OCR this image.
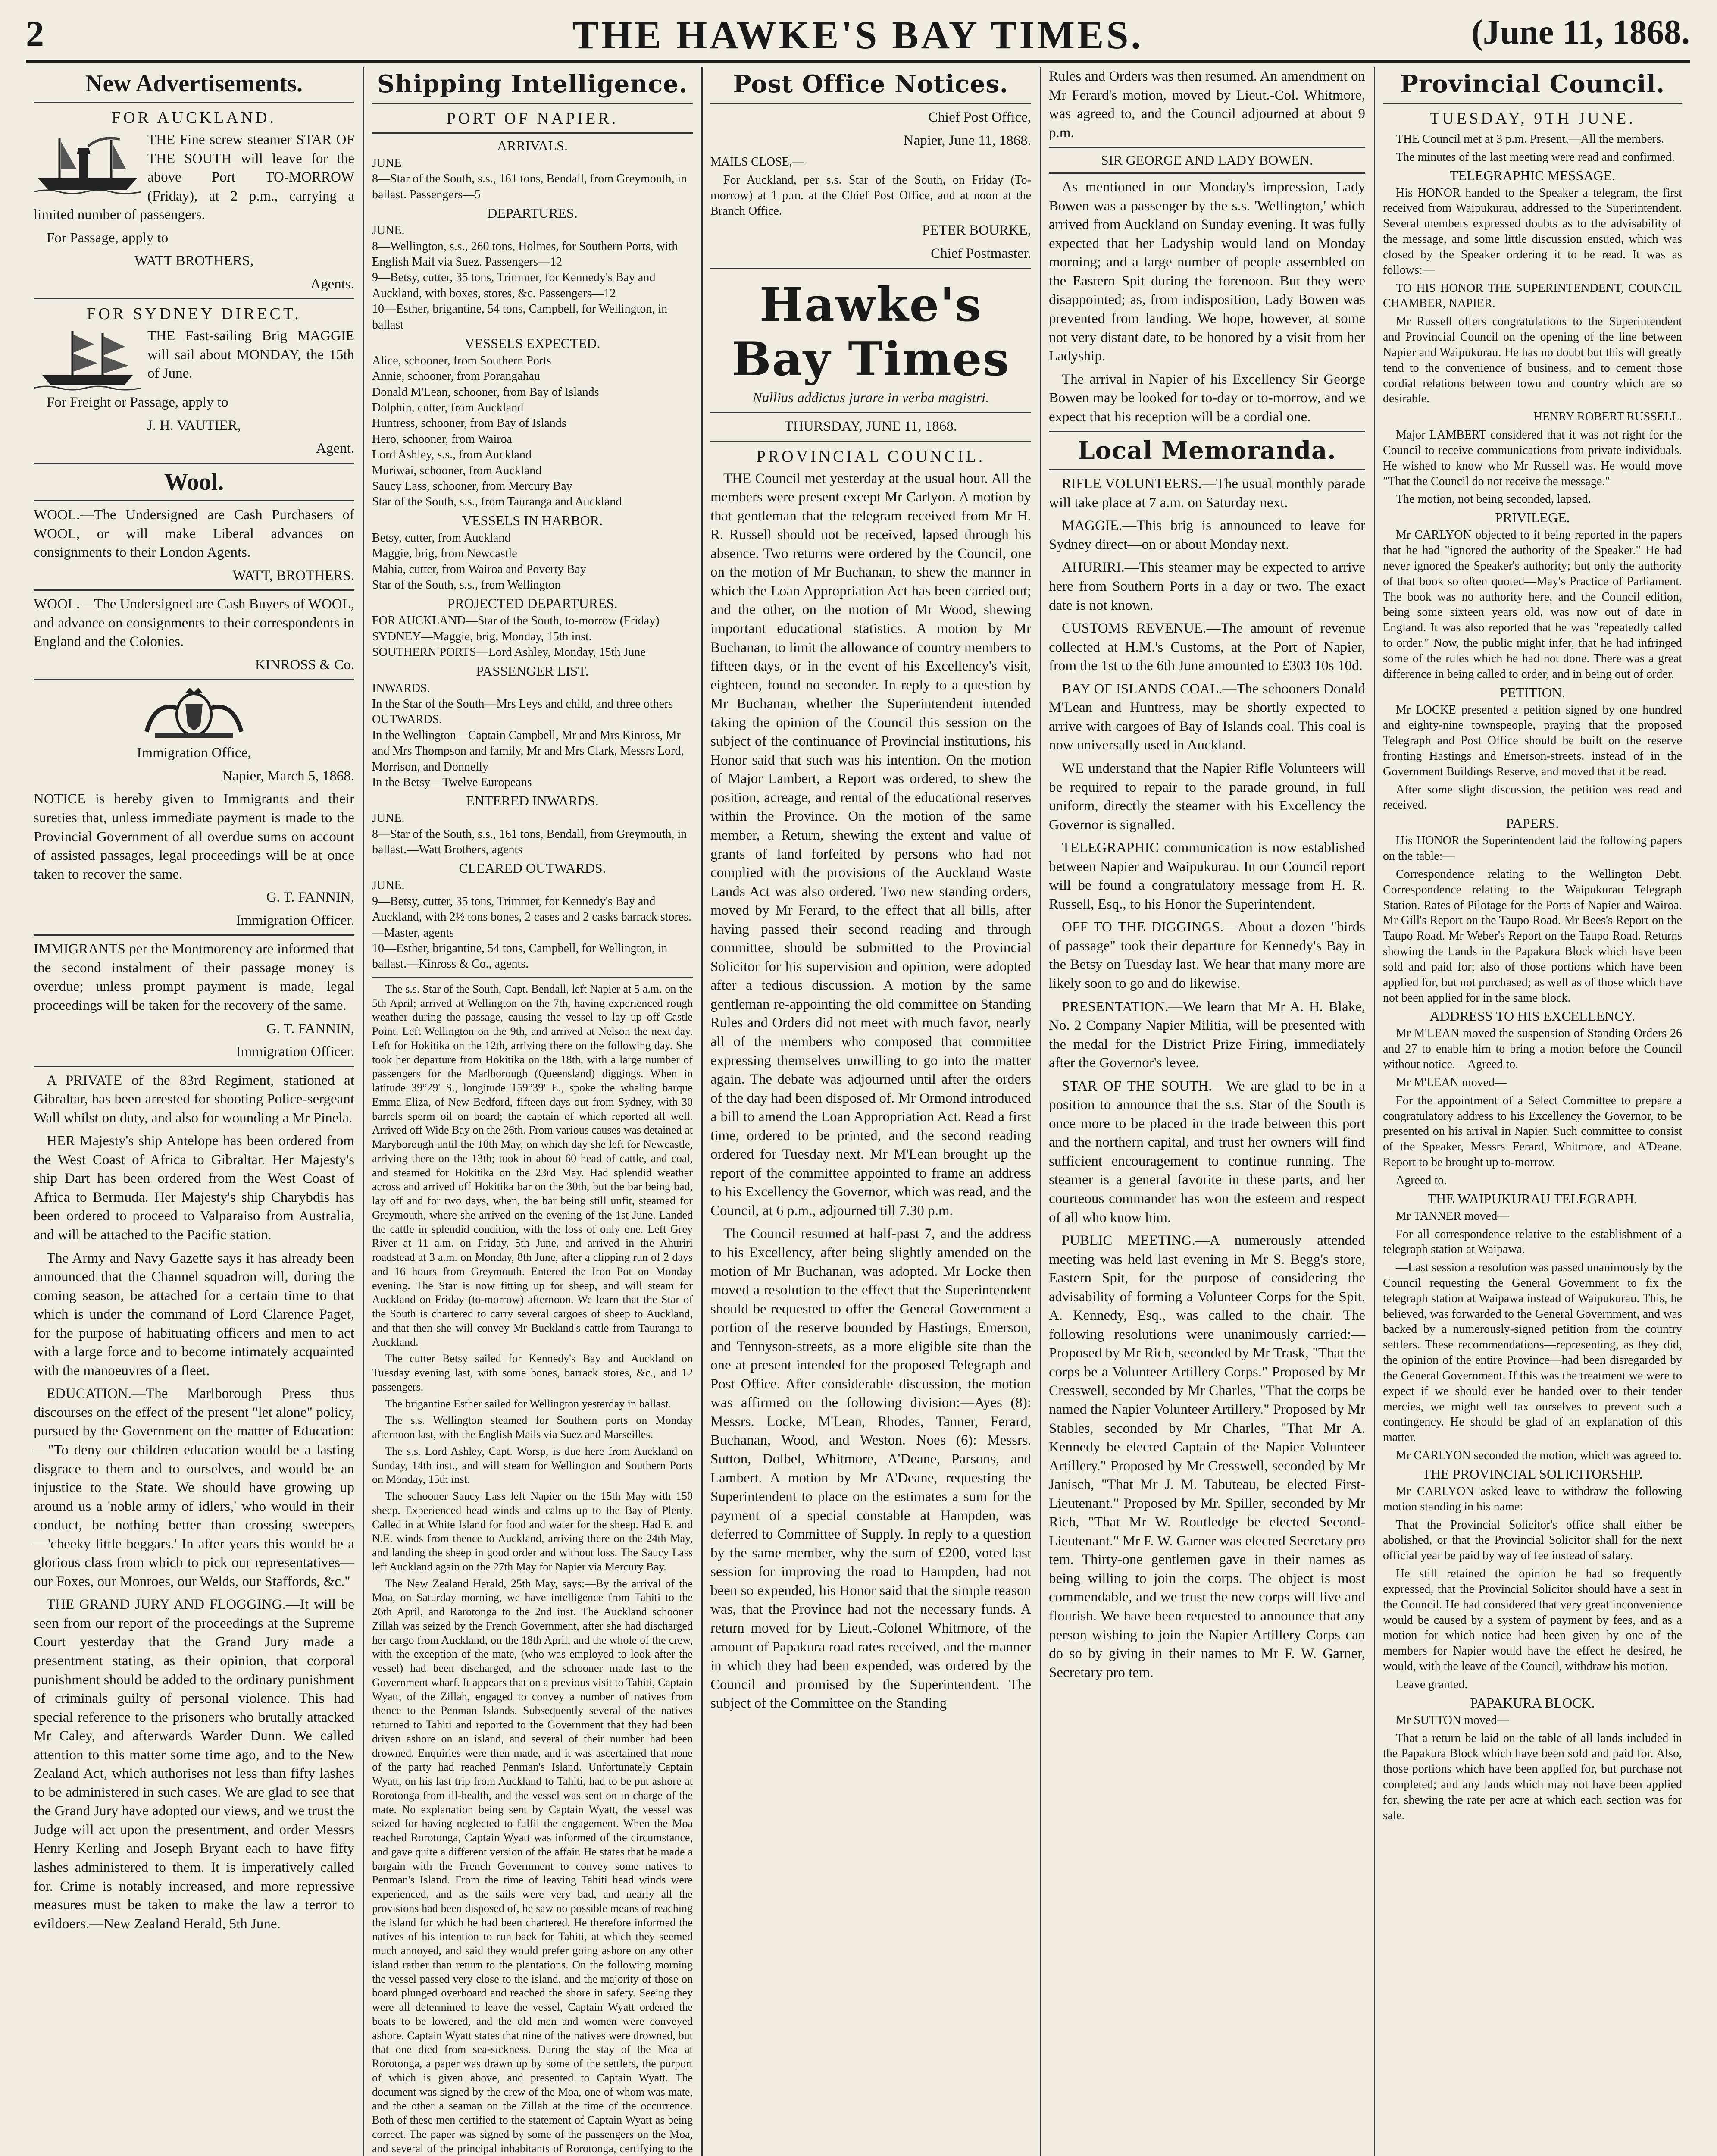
2	THE HAWKE'S BAY TIMES.	(June 11, 1868.
New Advertisements.
FOR AUCKLAND.

THE Fine screw steamer STAR OF THE SOUTH will leave for the above Port TO-MORROW (Friday), at 2 p.m., carrying a limited number of passengers.

For Passage, apply to

WATT BROTHERS,

Agents.

FOR SYDNEY DIRECT.

THE Fast-sailing Brig MAGGIE will sail about MONDAY, the 15th of June.

For Freight or Passage, apply to

J. H. VAUTIER,

Agent.

Wool.

WOOL.—The Undersigned are Cash Purchasers of WOOL, or will make Liberal advances on consignments to their London Agents.

WATT, BROTHERS.

WOOL.—The Undersigned are Cash Buyers of WOOL, and advance on consignments to their correspondents in England and the Colonies.

KINROSS & Co.

Immigration Office,

Napier, March 5, 1868.

NOTICE is hereby given to Immigrants and their sureties that, unless immediate payment is made to the Provincial Government of all overdue sums on account of assisted passages, legal proceedings will be at once taken to recover the same.

G. T. FANNIN,

Immigration Officer.

IMMIGRANTS per the Montmorency are informed that the second instalment of their passage money is overdue; unless prompt payment is made, legal proceedings will be taken for the recovery of the same.

G. T. FANNIN,

Immigration Officer.

A PRIVATE of the 83rd Regiment, stationed at Gibraltar, has been arrested for shooting Police-sergeant Wall whilst on duty, and also for wounding a Mr Pinela.

HER Majesty's ship Antelope has been ordered from the West Coast of Africa to Gibraltar. Her Majesty's ship Dart has been ordered from the West Coast of Africa to Bermuda. Her Majesty's ship Charybdis has been ordered to proceed to Valparaiso from Australia, and will be attached to the Pacific station.

The Army and Navy Gazette says it has already been announced that the Channel squadron will, during the coming season, be attached for a certain time to that which is under the command of Lord Clarence Paget, for the purpose of habituating officers and men to act with a large force and to become intimately acquainted with the manoeuvres of a fleet.

EDUCATION.—The Marlborough Press thus discourses on the effect of the present "let alone" policy, pursued by the Government on the matter of Education:—"To deny our children education would be a lasting disgrace to them and to ourselves, and would be an injustice to the State. We should have growing up around us a 'noble army of idlers,' who would in their conduct, be nothing better than crossing sweepers—'cheeky little beggars.' In after years this would be a glorious class from which to pick our representatives—our Foxes, our Monroes, our Welds, our Staffords, &c."

THE GRAND JURY AND FLOGGING.—It will be seen from our report of the proceedings at the Supreme Court yesterday that the Grand Jury made a presentment stating, as their opinion, that corporal punishment should be added to the ordinary punishment of criminals guilty of personal violence. This had special reference to the prisoners who brutally attacked Mr Caley, and afterwards Warder Dunn. We called attention to this matter some time ago, and to the New Zealand Act, which authorises not less than fifty lashes to be administered in such cases. We are glad to see that the Grand Jury have adopted our views, and we trust the Judge will act upon the presentment, and order Messrs Henry Kerling and Joseph Bryant each to have fifty lashes administered to them. It is imperatively called for. Crime is notably increased, and more repressive measures must be taken to make the law a terror to evildoers.—New Zealand Herald, 5th June.

Shipping Intelligence.
PORT OF NAPIER.
ARRIVALS.

JUNE

8—Star of the South, s.s., 161 tons, Bendall, from Greymouth, in ballast. Passengers—5

DEPARTURES.

JUNE.

8—Wellington, s.s., 260 tons, Holmes, for Southern Ports, with English Mail via Suez. Passengers—12

9—Betsy, cutter, 35 tons, Trimmer, for Kennedy's Bay and Auckland, with boxes, stores, &c. Passengers—12

10—Esther, brigantine, 54 tons, Campbell, for Wellington, in ballast

VESSELS EXPECTED.

Alice, schooner, from Southern Ports

Annie, schooner, from Porangahau

Donald M'Lean, schooner, from Bay of Islands

Dolphin, cutter, from Auckland

Huntress, schooner, from Bay of Islands

Hero, schooner, from Wairoa

Lord Ashley, s.s., from Auckland

Muriwai, schooner, from Auckland

Saucy Lass, schooner, from Mercury Bay

Star of the South, s.s., from Tauranga and Auckland

VESSELS IN HARBOR.

Betsy, cutter, from Auckland

Maggie, brig, from Newcastle

Mahia, cutter, from Wairoa and Poverty Bay

Star of the South, s.s., from Wellington

PROJECTED DEPARTURES.

FOR AUCKLAND—Star of the South, to-morrow (Friday)

SYDNEY—Maggie, brig, Monday, 15th inst.

SOUTHERN PORTS—Lord Ashley, Monday, 15th June

PASSENGER LIST.

INWARDS.

In the Star of the South—Mrs Leys and child, and three others

OUTWARDS.

In the Wellington—Captain Campbell, Mr and Mrs Kinross, Mr and Mrs Thompson and family, Mr and Mrs Clark, Messrs Lord, Morrison, and Donnelly

In the Betsy—Twelve Europeans

ENTERED INWARDS.

JUNE.

8—Star of the South, s.s., 161 tons, Bendall, from Greymouth, in ballast.—Watt Brothers, agents

CLEARED OUTWARDS.

JUNE.

9—Betsy, cutter, 35 tons, Trimmer, for Kennedy's Bay and Auckland, with 2½ tons bones, 2 cases and 2 casks barrack stores.—Master, agents

10—Esther, brigantine, 54 tons, Campbell, for Wellington, in ballast.—Kinross & Co., agents.

The s.s. Star of the South, Capt. Bendall, left Napier at 5 a.m. on the 5th April; arrived at Wellington on the 7th, having experienced rough weather during the passage, causing the vessel to lay up off Castle Point. Left Wellington on the 9th, and arrived at Nelson the next day. Left for Hokitika on the 12th, arriving there on the following day. She took her departure from Hokitika on the 18th, with a large number of passengers for the Marlborough (Queensland) diggings. When in latitude 39°29' S., longitude 159°39' E., spoke the whaling barque Emma Eliza, of New Bedford, fifteen days out from Sydney, with 30 barrels sperm oil on board; the captain of which reported all well. Arrived off Wide Bay on the 26th. From various causes was detained at Maryborough until the 10th May, on which day she left for Newcastle, arriving there on the 13th; took in about 60 head of cattle, and coal, and steamed for Hokitika on the 23rd May. Had splendid weather across and arrived off Hokitika bar on the 30th, but the bar being bad, lay off and for two days, when, the bar being still unfit, steamed for Greymouth, where she arrived on the evening of the 1st June. Landed the cattle in splendid condition, with the loss of only one. Left Grey River at 11 a.m. on Friday, 5th June, and arrived in the Ahuriri roadstead at 3 a.m. on Monday, 8th June, after a clipping run of 2 days and 16 hours from Greymouth. Entered the Iron Pot on Monday evening. The Star is now fitting up for sheep, and will steam for Auckland on Friday (to-morrow) afternoon. We learn that the Star of the South is chartered to carry several cargoes of sheep to Auckland, and that then she will convey Mr Buckland's cattle from Tauranga to Auckland.

The cutter Betsy sailed for Kennedy's Bay and Auckland on Tuesday evening last, with some bones, barrack stores, &c., and 12 passengers.

The brigantine Esther sailed for Wellington yesterday in ballast.

The s.s. Wellington steamed for Southern ports on Monday afternoon last, with the English Mails via Suez and Marseilles.

The s.s. Lord Ashley, Capt. Worsp, is due here from Auckland on Sunday, 14th inst., and will steam for Wellington and Southern Ports on Monday, 15th inst.

The schooner Saucy Lass left Napier on the 15th May with 150 sheep. Experienced head winds and calms up to the Bay of Plenty. Called in at White Island for food and water for the sheep. Had E. and N.E. winds from thence to Auckland, arriving there on the 24th May, and landing the sheep in good order and without loss. The Saucy Lass left Auckland again on the 27th May for Napier via Mercury Bay.

The New Zealand Herald, 25th May, says:—By the arrival of the Moa, on Saturday morning, we have intelligence from Tahiti to the 26th April, and Rarotonga to the 2nd inst. The Auckland schooner Zillah was seized by the French Government, after she had discharged her cargo from Auckland, on the 18th April, and the whole of the crew, with the exception of the mate, (who was employed to look after the vessel) had been discharged, and the schooner made fast to the Government wharf. It appears that on a previous visit to Tahiti, Captain Wyatt, of the Zillah, engaged to convey a number of natives from thence to the Penman Islands. Subsequently several of the natives returned to Tahiti and reported to the Government that they had been driven ashore on an island, and several of their number had been drowned. Enquiries were then made, and it was ascertained that none of the party had reached Penman's Island. Unfortunately Captain Wyatt, on his last trip from Auckland to Tahiti, had to be put ashore at Rorotonga from ill-health, and the vessel was sent on in charge of the mate. No explanation being sent by Captain Wyatt, the vessel was seized for having neglected to fulfil the engagement. When the Moa reached Rorotonga, Captain Wyatt was informed of the circumstance, and gave quite a different version of the affair. He states that he made a bargain with the French Government to convey some natives to Penman's Island. From the time of leaving Tahiti head winds were experienced, and as the sails were very bad, and nearly all the provisions had been disposed of, he saw no possible means of reaching the island for which he had been chartered. He therefore informed the natives of his intention to run back for Tahiti, at which they seemed much annoyed, and said they would prefer going ashore on any other island rather than return to the plantations. On the following morning the vessel passed very close to the island, and the majority of those on board plunged overboard and reached the shore in safety. Seeing they were all determined to leave the vessel, Captain Wyatt ordered the boats to be lowered, and the old men and women were conveyed ashore. Captain Wyatt states that nine of the natives were drowned, but that one died from sea-sickness. During the stay of the Moa at Rorotonga, a paper was drawn up by some of the settlers, the purport of which is given above, and presented to Captain Wyatt. The document was signed by the crew of the Moa, one of whom was mate, and the other a seaman on the Zillah at the time of the occurrence. Both of these men certified to the statement of Captain Wyatt as being correct. The paper was signed by some of the passengers on the Moa, and several of the principal inhabitants of Rorotonga, certifying to the

Post Office Notices.

Chief Post Office,

Napier, June 11, 1868.

MAILS CLOSE,—

For Auckland, per s.s. Star of the South, on Friday (To-morrow) at 1 p.m. at the Chief Post Office, and at noon at the Branch Office.

PETER BOURKE,

Chief Postmaster.

Hawke's Bay Times

Nullius addictus jurare in verba magistri.

THURSDAY, JUNE 11, 1868.

PROVINCIAL COUNCIL.

THE Council met yesterday at the usual hour. All the members were present except Mr Carlyon. A motion by that gentleman that the telegram received from Mr H. R. Russell should not be received, lapsed through his absence. Two returns were ordered by the Council, one on the motion of Mr Buchanan, to shew the manner in which the Loan Appropriation Act has been carried out; and the other, on the motion of Mr Wood, shewing important educational statistics. A motion by Mr Buchanan, to limit the allowance of country members to fifteen days, or in the event of his Excellency's visit, eighteen, found no seconder. In reply to a question by Mr Buchanan, whether the Superintendent intended taking the opinion of the Council this session on the subject of the continuance of Provincial institutions, his Honor said that such was his intention. On the motion of Major Lambert, a Report was ordered, to shew the position, acreage, and rental of the educational reserves within the Province. On the motion of the same member, a Return, shewing the extent and value of grants of land forfeited by persons who had not complied with the provisions of the Auckland Waste Lands Act was also ordered. Two new standing orders, moved by Mr Ferard, to the effect that all bills, after having passed their second reading and through committee, should be submitted to the Provincial Solicitor for his supervision and opinion, were adopted after a tedious discussion. A motion by the same gentleman re-appointing the old committee on Standing Rules and Orders did not meet with much favor, nearly all of the members who composed that committee expressing themselves unwilling to go into the matter again. The debate was adjourned until after the orders of the day had been disposed of. Mr Ormond introduced a bill to amend the Loan Appropriation Act. Read a first time, ordered to be printed, and the second reading ordered for Tuesday next. Mr M'Lean brought up the report of the committee appointed to frame an address to his Excellency the Governor, which was read, and the Council, at 6 p.m., adjourned till 7.30 p.m.

The Council resumed at half-past 7, and the address to his Excellency, after being slightly amended on the motion of Mr Buchanan, was adopted. Mr Locke then moved a resolution to the effect that the Superintendent should be requested to offer the General Government a portion of the reserve bounded by Hastings, Emerson, and Tennyson-streets, as a more eligible site than the one at present intended for the proposed Telegraph and Post Office. After considerable discussion, the motion was affirmed on the following division:—Ayes (8): Messrs. Locke, M'Lean, Rhodes, Tanner, Ferard, Buchanan, Wood, and Weston. Noes (6): Messrs. Sutton, Dolbel, Whitmore, A'Deane, Parsons, and Lambert. A motion by Mr A'Deane, requesting the Superintendent to place on the estimates a sum for the payment of a special constable at Hampden, was deferred to Committee of Supply. In reply to a question by the same member, why the sum of £200, voted last session for improving the road to Hampden, had not been so expended, his Honor said that the simple reason was, that the Province had not the necessary funds. A return moved for by Lieut.-Colonel Whitmore, of the amount of Papakura road rates received, and the manner in which they had been expended, was ordered by the Council and promised by the Superintendent. The subject of the Committee on the Standing

Rules and Orders was then resumed. An amendment on Mr Ferard's motion, moved by Lieut.-Col. Whitmore, was agreed to, and the Council adjourned at about 9 p.m.

SIR GEORGE AND LADY BOWEN.

As mentioned in our Monday's impression, Lady Bowen was a passenger by the s.s. 'Wellington,' which arrived from Auckland on Sunday evening. It was fully expected that her Ladyship would land on Monday morning; and a large number of people assembled on the Eastern Spit during the forenoon. But they were disappointed; as, from indisposition, Lady Bowen was prevented from landing. We hope, however, at some not very distant date, to be honored by a visit from her Ladyship.

The arrival in Napier of his Excellency Sir George Bowen may be looked for to-day or to-morrow, and we expect that his reception will be a cordial one.

Local Memoranda.

RIFLE VOLUNTEERS.—The usual monthly parade will take place at 7 a.m. on Saturday next.

MAGGIE.—This brig is announced to leave for Sydney direct—on or about Monday next.

AHURIRI.—This steamer may be expected to arrive here from Southern Ports in a day or two. The exact date is not known.

CUSTOMS REVENUE.—The amount of revenue collected at H.M.'s Customs, at the Port of Napier, from the 1st to the 6th June amounted to £303 10s 10d.

BAY OF ISLANDS COAL.—The schooners Donald M'Lean and Huntress, may be shortly expected to arrive with cargoes of Bay of Islands coal. This coal is now universally used in Auckland.

WE understand that the Napier Rifle Volunteers will be required to repair to the parade ground, in full uniform, directly the steamer with his Excellency the Governor is signalled.

TELEGRAPHIC communication is now established between Napier and Waipukurau. In our Council report will be found a congratulatory message from H. R. Russell, Esq., to his Honor the Superintendent.

OFF TO THE DIGGINGS.—About a dozen "birds of passage" took their departure for Kennedy's Bay in the Betsy on Tuesday last. We hear that many more are likely soon to go and do likewise.

PRESENTATION.—We learn that Mr A. H. Blake, No. 2 Company Napier Militia, will be presented with the medal for the District Prize Firing, immediately after the Governor's levee.

STAR OF THE SOUTH.—We are glad to be in a position to announce that the s.s. Star of the South is once more to be placed in the trade between this port and the northern capital, and trust her owners will find sufficient encouragement to continue running. The steamer is a general favorite in these parts, and her courteous commander has won the esteem and respect of all who know him.

PUBLIC MEETING.—A numerously attended meeting was held last evening in Mr S. Begg's store, Eastern Spit, for the purpose of considering the advisability of forming a Volunteer Corps for the Spit. A. Kennedy, Esq., was called to the chair. The following resolutions were unanimously carried:—Proposed by Mr Rich, seconded by Mr Trask, "That the corps be a Volunteer Artillery Corps." Proposed by Mr Cresswell, seconded by Mr Charles, "That the corps be named the Napier Volunteer Artillery." Proposed by Mr Stables, seconded by Mr Charles, "That Mr A. Kennedy be elected Captain of the Napier Volunteer Artillery." Proposed by Mr Cresswell, seconded by Mr Janisch, "That Mr J. M. Tabuteau, be elected First-Lieutenant." Proposed by Mr. Spiller, seconded by Mr Rich, "That Mr W. Routledge be elected Second-Lieutenant." Mr F. W. Garner was elected Secretary pro tem. Thirty-one gentlemen gave in their names as being willing to join the corps. The object is most commendable, and we trust the new corps will live and flourish. We have been requested to announce that any person wishing to join the Napier Artillery Corps can do so by giving in their names to Mr F. W. Garner, Secretary pro tem.

Provincial Council.
TUESDAY, 9TH JUNE.

THE Council met at 3 p.m. Present,—All the members.

The minutes of the last meeting were read and confirmed.

TELEGRAPHIC MESSAGE.

His HONOR handed to the Speaker a telegram, the first received from Waipukurau, addressed to the Superintendent. Several members expressed doubts as to the advisability of the message, and some little discussion ensued, which was closed by the Speaker ordering it to be read. It was as follows:—

TO HIS HONOR THE SUPERINTENDENT, COUNCIL CHAMBER, NAPIER.

Mr Russell offers congratulations to the Superintendent and Provincial Council on the opening of the line between Napier and Waipukurau. He has no doubt but this will greatly tend to the convenience of business, and to cement those cordial relations between town and country which are so desirable.

HENRY ROBERT RUSSELL.

Major LAMBERT considered that it was not right for the Council to receive communications from private individuals. He wished to know who Mr Russell was. He would move "That the Council do not receive the message."

The motion, not being seconded, lapsed.

PRIVILEGE.

Mr CARLYON objected to it being reported in the papers that he had "ignored the authority of the Speaker." He had never ignored the Speaker's authority; but only the authority of that book so often quoted—May's Practice of Parliament. The book was no authority here, and the Council edition, being some sixteen years old, was now out of date in England. It was also reported that he was "repeatedly called to order." Now, the public might infer, that he had infringed some of the rules which he had not done. There was a great difference in being called to order, and in being out of order.

PETITION.

Mr LOCKE presented a petition signed by one hundred and eighty-nine townspeople, praying that the proposed Telegraph and Post Office should be built on the reserve fronting Hastings and Emerson-streets, instead of in the Government Buildings Reserve, and moved that it be read.

After some slight discussion, the petition was read and received.

PAPERS.

His HONOR the Superintendent laid the following papers on the table:—

Correspondence relating to the Wellington Debt. Correspondence relating to the Waipukurau Telegraph Station. Rates of Pilotage for the Ports of Napier and Wairoa. Mr Gill's Report on the Taupo Road. Mr Bees's Report on the Taupo Road. Mr Weber's Report on the Taupo Road. Returns showing the Lands in the Papakura Block which have been sold and paid for; also of those portions which have been applied for, but not purchased; as well as of those which have not been applied for in the same block.

ADDRESS TO HIS EXCELLENCY.

Mr M'LEAN moved the suspension of Standing Orders 26 and 27 to enable him to bring a motion before the Council without notice.—Agreed to.

Mr M'LEAN moved—

For the appointment of a Select Committee to prepare a congratulatory address to his Excellency the Governor, to be presented on his arrival in Napier. Such committee to consist of the Speaker, Messrs Ferard, Whitmore, and A'Deane. Report to be brought up to-morrow.

Agreed to.

THE WAIPUKURAU TELEGRAPH.

Mr TANNER moved—

For all correspondence relative to the establishment of a telegraph station at Waipawa.

—Last session a resolution was passed unanimously by the Council requesting the General Government to fix the telegraph station at Waipawa instead of Waipukurau. This, he believed, was forwarded to the General Government, and was backed by a numerously-signed petition from the country settlers. These recommendations—representing, as they did, the opinion of the entire Province—had been disregarded by the General Government. If this was the treatment we were to expect if we should ever be handed over to their tender mercies, we might well tax ourselves to prevent such a contingency. He should be glad of an explanation of this matter.

Mr CARLYON seconded the motion, which was agreed to.

THE PROVINCIAL SOLICITORSHIP.

Mr CARLYON asked leave to withdraw the following motion standing in his name:

That the Provincial Solicitor's office shall either be abolished, or that the Provincial Solicitor shall for the next official year be paid by way of fee instead of salary.

He still retained the opinion he had so frequently expressed, that the Provincial Solicitor should have a seat in the Council. He had considered that very great inconvenience would be caused by a system of payment by fees, and as a motion for which notice had been given by one of the members for Napier would have the effect he desired, he would, with the leave of the Council, withdraw his motion.

Leave granted.

PAPAKURA BLOCK.

Mr SUTTON moved—

That a return be laid on the table of all lands included in the Papakura Block which have been sold and paid for. Also, those portions which have been applied for, but purchase not completed; and any lands which may not have been applied for, shewing the rate per acre at which each section was for sale.
